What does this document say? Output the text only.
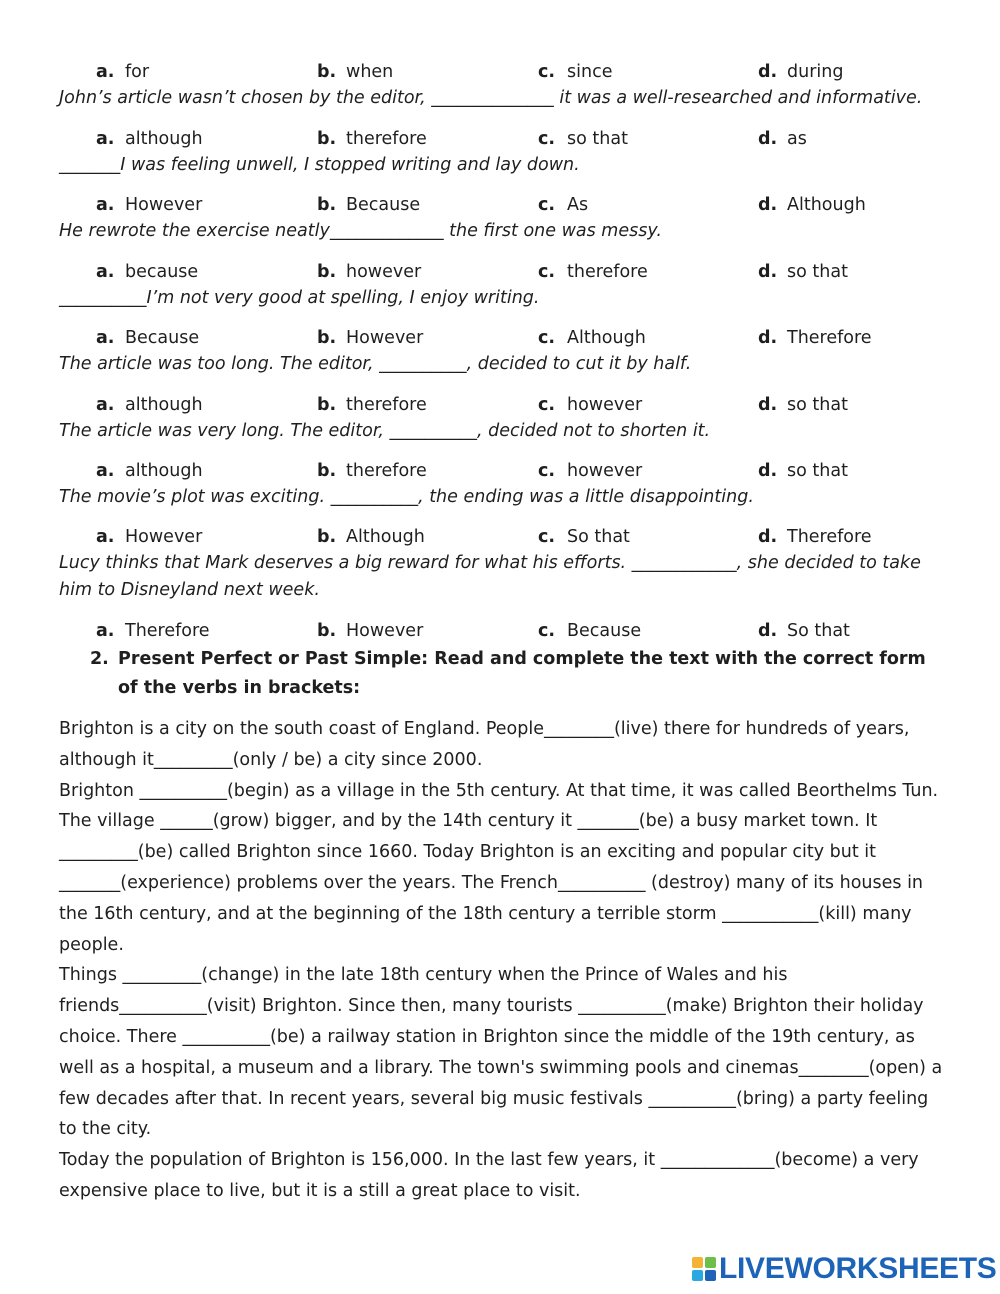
a. for	b. when	c. since	d. during
John’s article wasn’t chosen by the editor, ______________ it was a well-researched and informative.
a. although	b. therefore	c. so that	d. as
_______I was feeling unwell, I stopped writing and lay down.
a. However	b. Because	c. As	d. Although
He rewrote the exercise neatly_____________ the first one was messy.
a. because	b. however	c. therefore	d. so that
__________I’m not very good at spelling, I enjoy writing.
a. Because	b. However	c. Although	d. Therefore
The article was too long. The editor, __________, decided to cut it by half.
a. although	b. therefore	c. however	d. so that
The article was very long. The editor, __________, decided not to shorten it.
a. although	b. therefore	c. however	d. so that
The movie’s plot was exciting. __________, the ending was a little disappointing.
a. However	b. Although	c. So that	d. Therefore
Lucy thinks that Mark deserves a big reward for what his efforts. ____________, she decided to take him to Disneyland next week.
a. Therefore	b. However	c. Because	d. So that
2. Present Perfect or Past Simple: Read and complete the text with the correct form of the verbs in brackets:

Brighton is a city on the south coast of England. People________(live) there for hundreds of years, although it_________(only / be) a city since 2000.

Brighton __________(begin) as a village in the 5th century. At that time, it was called Beorthelms Tun. The village ______(grow) bigger, and by the 14th century it _______(be) a busy market town. It _________(be) called Brighton since 1660. Today Brighton is an exciting and popular city but it _______(experience) problems over the years. The French__________ (destroy) many of its houses in the 16th century, and at the beginning of the 18th century a terrible storm ___________(kill) many people.

Things _________(change) in the late 18th century when the Prince of Wales and his friends__________(visit) Brighton. Since then, many tourists __________(make) Brighton their holiday choice. There __________(be) a railway station in Brighton since the middle of the 19th century, as well as a hospital, a museum and a library. The town's swimming pools and cinemas________(open) a few decades after that. In recent years, several big music festivals __________(bring) a party feeling to the city.

Today the population of Brighton is 156,000. In the last few years, it _____________(become) a very expensive place to live, but it is a still a great place to visit.

LIVEWORKSHEETS
